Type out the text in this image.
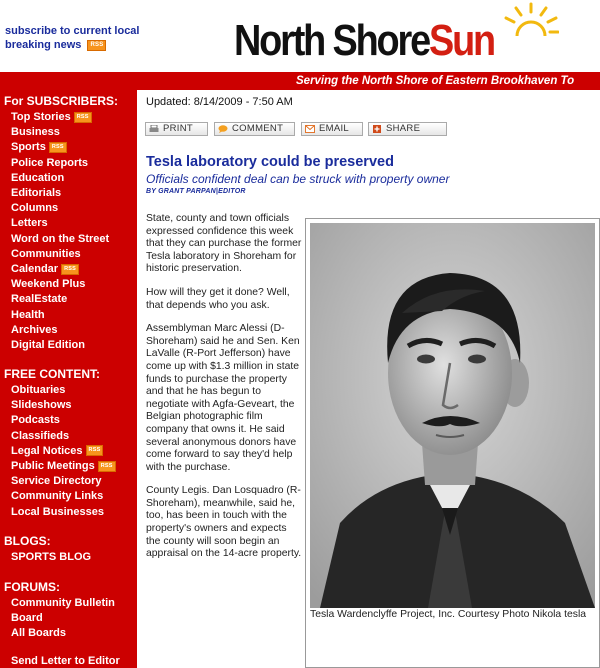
subscribe to current local breaking news RSS	North ShoreSun
Serving the North Shore of Eastern Brookhaven To
For SUBSCRIBERS:
Top Stories RSS
Business
Sports RSS
Police Reports
Education
Editorials
Columns
Letters
Word on the Street
Communities
Calendar RSS
Weekend Plus
RealEstate
Health
Archives
Digital Edition
FREE CONTENT:
Obituaries
Slideshows
Podcasts
Classifieds
Legal Notices RSS
Public Meetings RSS
Service Directory
Community Links
Local Businesses
BLOGS:
SPORTS BLOG
FORUMS:
Community Bulletin
Board
All Boards
Send Letter to Editor
Updated: 8/14/2009 - 7:50 AM
PRINT	COMMENT	EMAIL	SHARE
Tesla laboratory could be preserved
Officials confident deal can be struck with property owner
BY GRANT PARPAN|EDITOR

State, county and town officials expressed confidence this week that they can purchase the former Tesla laboratory in Shoreham for historic preservation.

How will they get it done? Well, that depends who you ask.

Assemblyman Marc Alessi (D-Shoreham) said he and Sen. Ken LaValle (R-Port Jefferson) have come up with $1.3 million in state funds to purchase the property and that he has begun to negotiate with Agfa-Geveart, the Belgian photographic film company that owns it. He said several anonymous donors have come forward to say they'd help with the purchase.

County Legis. Dan Losquadro (R-Shoreham), meanwhile, said he, too, has been in touch with the property's owners and expects the county will soon begin an appraisal on the 14-acre property.

Tesla Wardenclyffe Project, Inc. Courtesy Photo Nikola tesla
